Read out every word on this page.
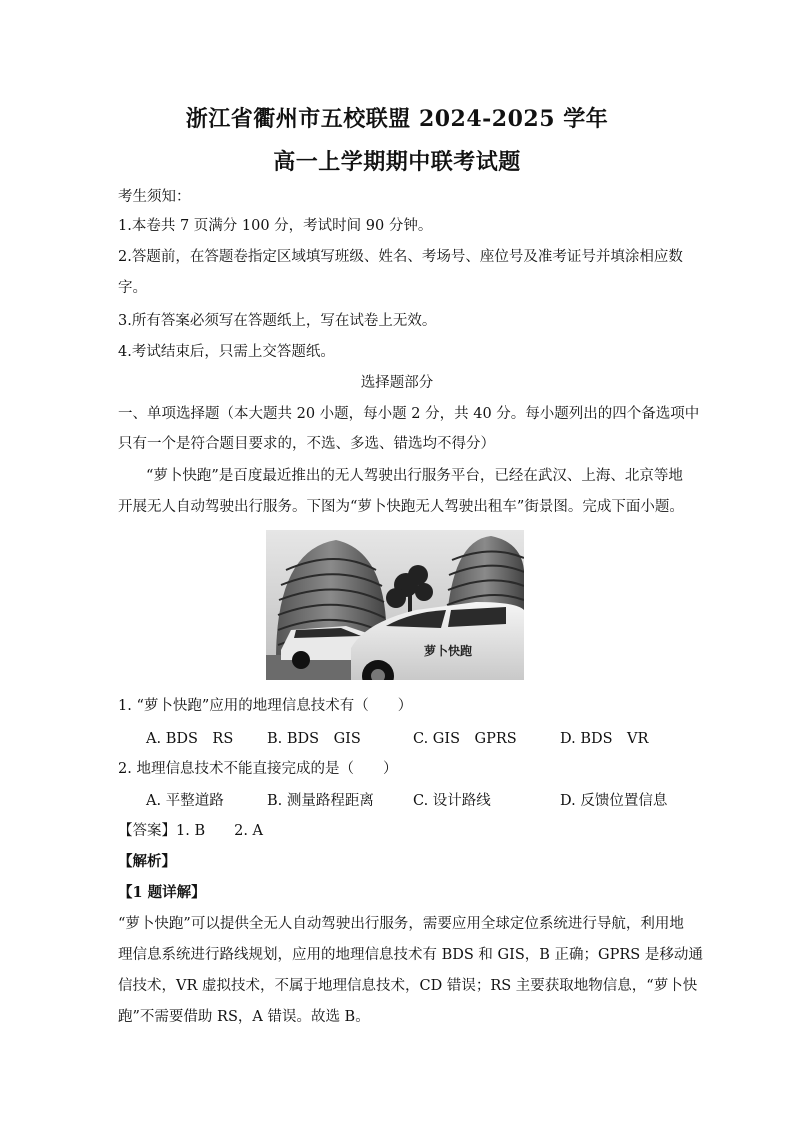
浙江省衢州市五校联盟 2024-2025 学年
高一上学期期中联考试题
考生须知：
1.本卷共 7 页满分 100 分，考试时间 90 分钟。
2.答题前，在答题卷指定区域填写班级、姓名、考场号、座位号及准考证号并填涂相应数
字。
3.所有答案必须写在答题纸上，写在试卷上无效。
4.考试结束后，只需上交答题纸。
选择题部分
一、单项选择题（本大题共 20 小题，每小题 2 分，共 40 分。每小题列出的四个备选项中
只有一个是符合题目要求的，不选、多选、错选均不得分）
“萝卜快跑”是百度最近推出的无人驾驶出行服务平台，已经在武汉、上海、北京等地
开展无人自动驾驶出行服务。下图为“萝卜快跑无人驾驶出租车”街景图。完成下面小题。
萝卜快跑
1. “萝卜快跑”应用的地理信息技术有（　　）
A. BDS　RS B. BDS　GIS	C. GIS　GPRS	D. BDS　VR
2. 地理信息技术不能直接完成的是（　　）
A. 平整道路	B. 测量路程距离	C. 设计路线	D. 反馈位置信息
【答案】1. B　　2. A
【解析】
【1 题详解】
“萝卜快跑”可以提供全无人自动驾驶出行服务，需要应用全球定位系统进行导航，利用地
理信息系统进行路线规划，应用的地理信息技术有 BDS 和 GIS，B 正确；GPRS 是移动通
信技术，VR 虚拟技术，不属于地理信息技术，CD 错误；RS 主要获取地物信息，“萝卜快
跑”不需要借助 RS，A 错误。故选 B。
